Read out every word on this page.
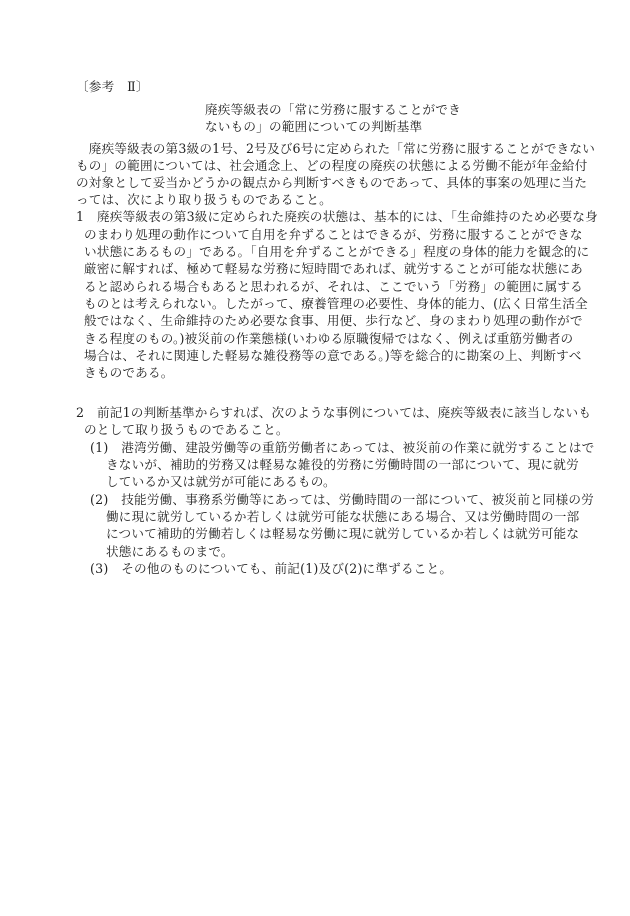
〔参考　Ⅱ〕
廃疾等級表の「常に労務に服することができ
ないもの」の範囲についての判断基準
　廃疾等級表の第3級の1号、2号及び6号に定められた「常に労務に服することができない
もの」の範囲については、社会通念上、どの程度の廃疾の状態による労働不能が年金給付
の対象として妥当かどうかの観点から判断すべきものであって、具体的事案の処理に当た
っては、次により取り扱うものであること。
1　廃疾等級表の第3級に定められた廃疾の状態は、基本的には、「生命維持のため必要な身
のまわり処理の動作について自用を弁ずることはできるが、労務に服することができな
い状態にあるもの」である。「自用を弁ずることができる」程度の身体的能力を観念的に
厳密に解すれば、極めて軽易な労務に短時間であれば、就労することが可能な状態にあ
ると認められる場合もあると思われるが、それは、ここでいう「労務」の範囲に属する
ものとは考えられない。したがって、療養管理の必要性、身体的能力、(広く日常生活全
般ではなく、生命維持のため必要な食事、用便、歩行など、身のまわり処理の動作がで
きる程度のもの。)被災前の作業態様(いわゆる原職復帰ではなく、例えば重筋労働者の
場合は、それに関連した軽易な雑役務等の意である。)等を総合的に勘案の上、判断すべ
きものである。
2　前記1の判断基準からすれば、次のような事例については、廃疾等級表に該当しないも
のとして取り扱うものであること。
(1)　港湾労働、建設労働等の重筋労働者にあっては、被災前の作業に就労することはで
きないが、補助的労務又は軽易な雑役的労務に労働時間の一部について、現に就労
しているか又は就労が可能にあるもの。
(2)　技能労働、事務系労働等にあっては、労働時間の一部について、被災前と同様の労
働に現に就労しているか若しくは就労可能な状態にある場合、又は労働時間の一部
について補助的労働若しくは軽易な労働に現に就労しているか若しくは就労可能な
状態にあるものまで。
(3)　その他のものについても、前記(1)及び(2)に準ずること。
